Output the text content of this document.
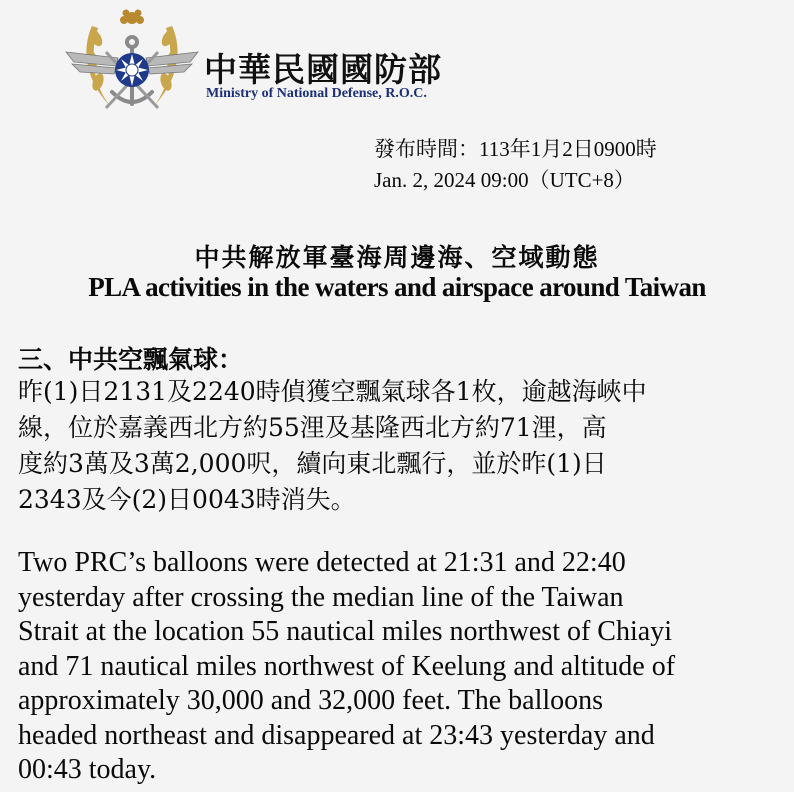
中華民國國防部
Ministry of National Defense, R.O.C.
發布時間：113年1月2日0900時
Jan. 2, 2024 09:00（UTC+8）
中共解放軍臺海周邊海、空域動態
PLA activities in the waters and airspace around Taiwan
三、中共空飄氣球：
昨(1)日2131及2240時偵獲空飄氣球各1枚，逾越海峽中
線，位於嘉義西北方約55浬及基隆西北方約71浬，高
度約3萬及3萬2,000呎，續向東北飄行，並於昨(1)日
2343及今(2)日0043時消失。
Two PRC’s balloons were detected at 21:31 and 22:40
yesterday after crossing the median line of the Taiwan
Strait at the location 55 nautical miles northwest of Chiayi
and 71 nautical miles northwest of Keelung and altitude of
approximately 30,000 and 32,000 feet. The balloons
headed northeast and disappeared at 23:43 yesterday and
00:43 today.
